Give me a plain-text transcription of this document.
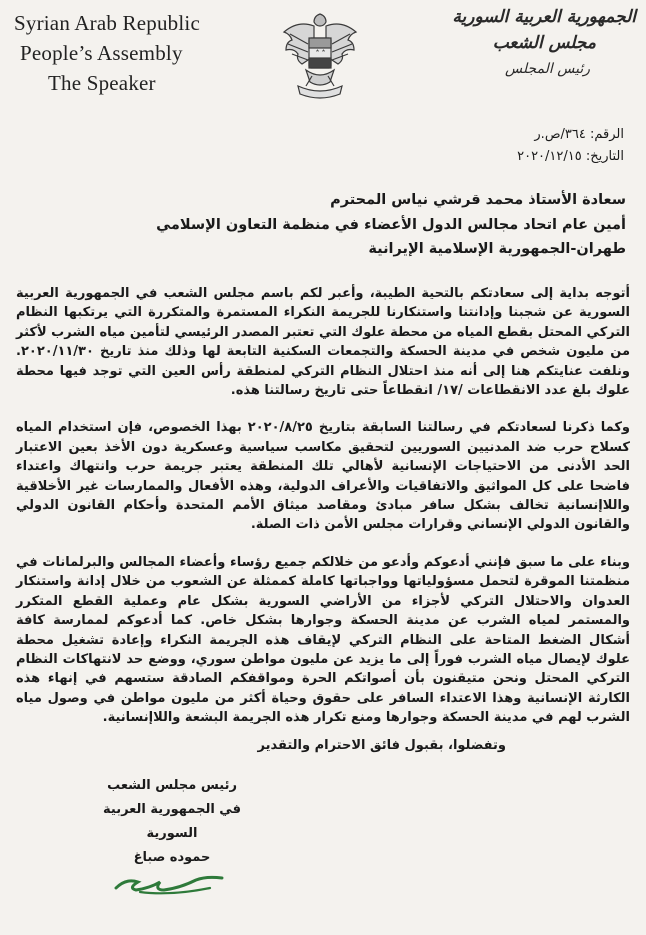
Syrian Arab Republic
People’s Assembly
The Speaker
الجمهورية العربية السورية
مجلس الشعب
رئيس المجلس
الرقم: ٣٦٤/ص.ر
التاريخ: ٢٠٢٠/١٢/١٥
سعادة الأستاذ محمد قرشي نياس المحترم
أمين عام اتحاد مجالس الدول الأعضاء في منظمة التعاون الإسلامي
طهران-الجمهورية الإسلامية الإيرانية

أتوجه بداية إلى سعادتكم بالتحية الطيبة، وأعبر لكم باسم مجلس الشعب في الجمهورية العربية السورية عن شجبنا وإدانتنا واستنكارنا للجريمة النكراء المستمرة والمتكررة التي يرتكبها النظام التركي المحتل بقطع المياه من محطة علوك التي تعتبر المصدر الرئيسي لتأمين مياه الشرب لأكثر من مليون شخص في مدينة الحسكة والتجمعات السكنية التابعة لها وذلك منذ تاريخ ٢٠٢٠/١١/٣٠. ونلفت عنايتكم هنا إلى أنه منذ احتلال النظام التركي لمنطقة رأس العين التي توجد فيها محطة علوك بلغ عدد الانقطاعات /١٧/ انقطاعاً حتى تاريخ رسالتنا هذه.

وكما ذكرنا لسعادتكم في رسالتنا السابقة بتاريخ ٢٠٢٠/٨/٢٥ بهذا الخصوص، فإن استخدام المياه كسلاح حرب ضد المدنيين السوريين لتحقيق مكاسب سياسية وعسكرية دون الأخذ بعين الاعتبار الحد الأدنى من الاحتياجات الإنسانية لأهالي تلك المنطقة يعتبر جريمة حرب وانتهاك واعتداء فاضحا على كل المواثيق والاتفاقيات والأعراف الدولية، وهذه الأفعال والممارسات غير الأخلاقية واللاإنسانية تخالف بشكل سافر مبادئ ومقاصد ميثاق الأمم المتحدة وأحكام القانون الدولي والقانون الدولي الإنساني وقرارات مجلس الأمن ذات الصلة.

وبناء على ما سبق فإنني أدعوكم وأدعو من خلالكم جميع رؤساء وأعضاء المجالس والبرلمانات في منظمتنا الموقرة لتحمل مسؤولياتها وواجباتها كاملة كممثلة عن الشعوب من خلال إدانة واستنكار العدوان والاحتلال التركي لأجزاء من الأراضي السورية بشكل عام وعملية القطع المتكرر والمستمر لمياه الشرب عن مدينة الحسكة وجوارها بشكل خاص. كما أدعوكم لممارسة كافة أشكال الضغط المتاحة على النظام التركي لإيقاف هذه الجريمة النكراء وإعادة تشغيل محطة علوك لإيصال مياه الشرب فوراً إلى ما يزيد عن مليون مواطن سوري، ووضع حد لانتهاكات النظام التركي المحتل ونحن متيقنون بأن أصواتكم الحرة ومواقفكم الصادقة ستسهم في إنهاء هذه الكارثة الإنسانية وهذا الاعتداء السافر على حقوق وحياة أكثر من مليون مواطن في وصول مياه الشرب لهم في مدينة الحسكة وجوارها ومنع تكرار هذه الجريمة البشعة واللاإنسانية.

وتفضلوا، بقبول فائق الاحترام والتقدير
رئيس مجلس الشعب
في الجمهورية العربية السورية
حموده صباغ
